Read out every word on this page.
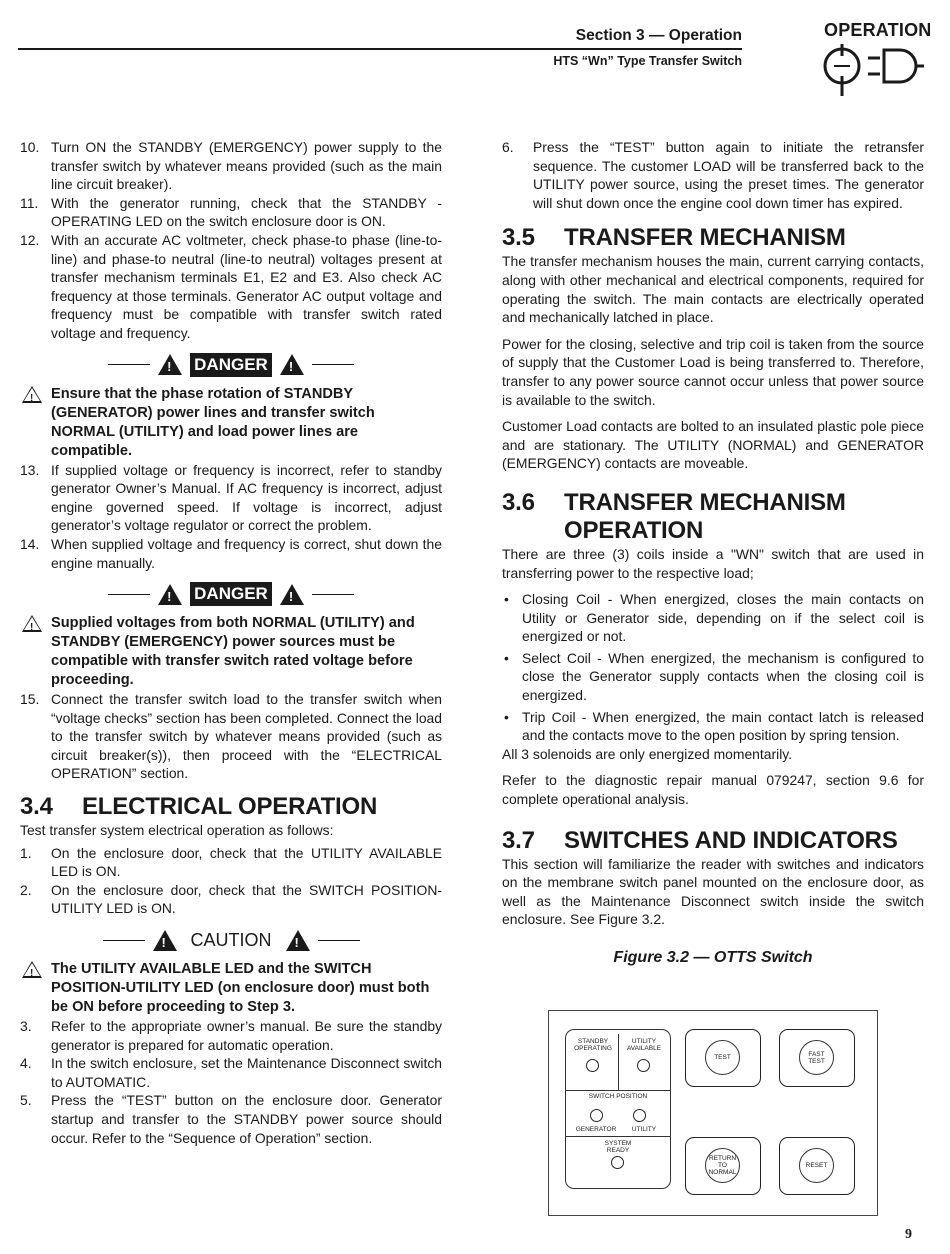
Section 3 — Operation
HTS “Wn” Type Transfer Switch
OPERATION
10. Turn ON the STANDBY (EMERGENCY) power supply to the transfer switch by whatever means provided (such as the main line circuit breaker).
11. With the generator running, check that the STANDBY - OPERATING LED on the switch enclosure door is ON.
12. With an accurate AC voltmeter, check phase-to phase (line-to-line) and phase-to neutral (line-to neutral) voltages present at transfer mechanism terminals E1, E2 and E3. Also check AC frequency at those terminals. Generator AC output voltage and frequency must be compatible with transfer switch rated voltage and frequency.
!
DANGER
!
!
Ensure that the phase rotation of STANDBY (GENERATOR) power lines and transfer switch NORMAL (UTILITY) and load power lines are compatible.
13. If supplied voltage or frequency is incorrect, refer to standby generator Owner’s Manual. If AC frequency is incorrect, adjust engine governed speed. If voltage is incorrect, adjust generator’s voltage regulator or correct the problem.
14. When supplied voltage and frequency is correct, shut down the engine manually.
!
DANGER
!
!
Supplied voltages from both NORMAL (UTILITY) and STANDBY (EMERGENCY) power sources must be compatible with transfer switch rated voltage before proceeding.
15. Connect the transfer switch load to the transfer switch when “voltage checks” section has been completed. Connect the load to the transfer switch by whatever means provided (such as circuit breaker(s)), then proceed with the “ELECTRICAL OPERATION” section.
3.4 ELECTRICAL OPERATION

Test transfer system electrical operation as follows:

1. On the enclosure door, check that the UTILITY AVAILABLE LED is ON.
2. On the enclosure door, check that the SWITCH POSITION-UTILITY LED is ON.
!
CAUTION
!
!
The UTILITY AVAILABLE LED and the SWITCH POSITION-UTILITY LED (on enclosure door) must both be ON before proceeding to Step 3.
3. Refer to the appropriate owner’s manual. Be sure the standby generator is prepared for automatic operation.
4. In the switch enclosure, set the Maintenance Disconnect switch to AUTOMATIC.
5. Press the “TEST” button on the enclosure door. Generator startup and transfer to the STANDBY power source should occur. Refer to the “Sequence of Operation” section.
6. Press the “TEST” button again to initiate the retransfer sequence. The customer LOAD will be transferred back to the UTILITY power source, using the preset times. The generator will shut down once the engine cool down timer has expired.
3.5 TRANSFER MECHANISM

The transfer mechanism houses the main, current carrying contacts, along with other mechanical and electrical components, required for operating the switch. The main contacts are electrically operated and mechanically latched in place.

Power for the closing, selective and trip coil is taken from the source of supply that the Customer Load is being transferred to. Therefore, transfer to any power source cannot occur unless that power source is available to the switch.

Customer Load contacts are bolted to an insulated plastic pole piece and are stationary. The UTILITY (NORMAL) and GENERATOR (EMERGENCY) contacts are moveable.

3.6 TRANSFER MECHANISM
OPERATION

There are three (3) coils inside a "WN" switch that are used in transferring power to the respective load;

• Closing Coil - When energized, closes the main contacts on Utility or Generator side, depending on if the select coil is energized or not.
• Select Coil - When energized, the mechanism is configured to close the Generator supply contacts when the closing coil is energized.
• Trip Coil - When energized, the main contact latch is released and the contacts move to the open position by spring tension.

All 3 solenoids are only energized momentarily.

Refer to the diagnostic repair manual 079247, section 9.6 for complete operational analysis.

3.7 SWITCHES AND INDICATORS

This section will familiarize the reader with switches and indicators on the membrane switch panel mounted on the enclosure door, as well as the Maintenance Disconnect switch inside the switch enclosure. See Figure 3.2.

Figure 3.2 — OTTS Switch
STANDBY OPERATING
UTILITY AVAILABLE
SWITCH POSITION
GENERATOR	UTILITY
SYSTEM READY
TEST	FAST TEST
RETURN TO NORMAL
RESET
9
